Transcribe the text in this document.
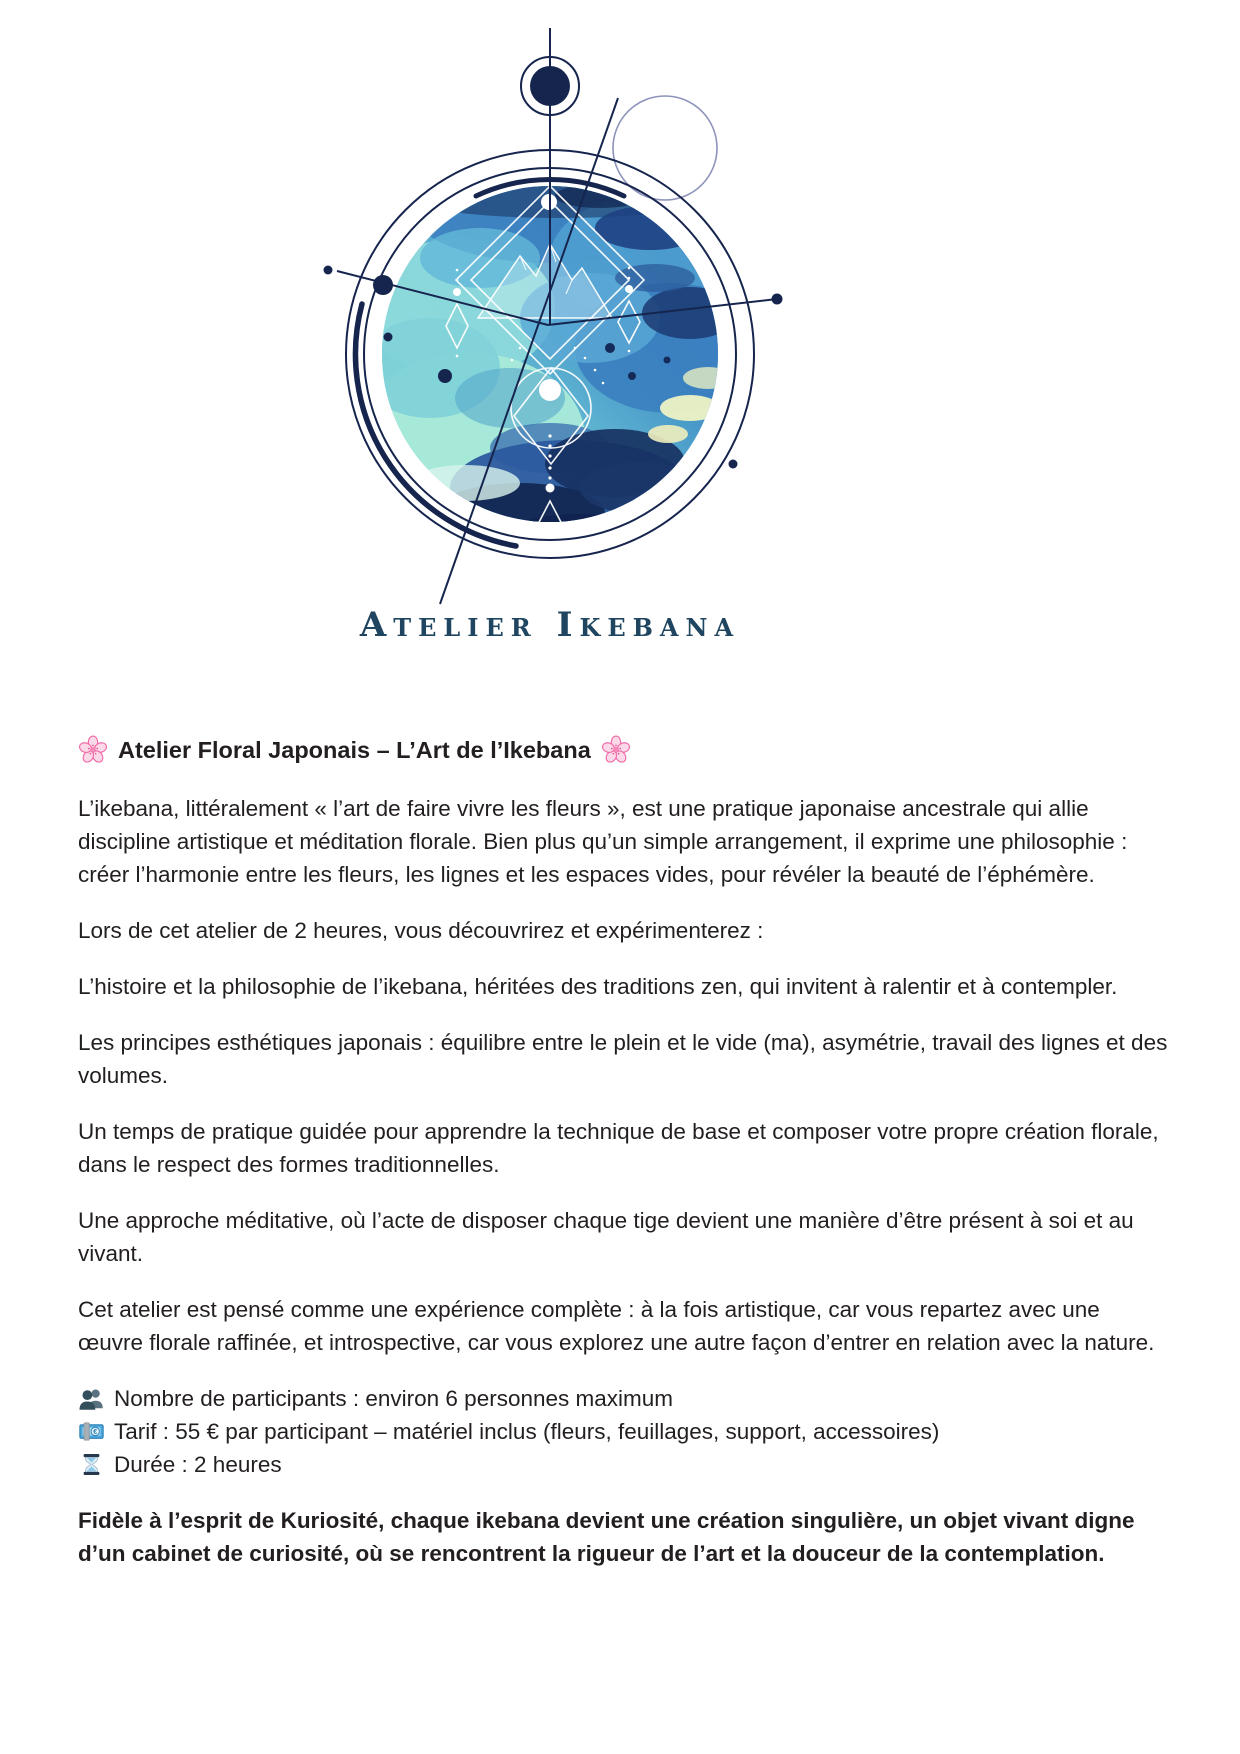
Atelier Ikebana
Atelier Floral Japonais – L’Art de l’Ikebana

L’ikebana, littéralement « l’art de faire vivre les fleurs », est une pratique japonaise ancestrale qui allie discipline artistique et méditation florale. Bien plus qu’un simple arrangement, il exprime une philosophie : créer l’harmonie entre les fleurs, les lignes et les espaces vides, pour révéler la beauté de l’éphémère.

Lors de cet atelier de 2 heures, vous découvrirez et expérimenterez :

L’histoire et la philosophie de l’ikebana, héritées des traditions zen, qui invitent à ralentir et à contempler.

Les principes esthétiques japonais : équilibre entre le plein et le vide (ma), asymétrie, travail des lignes et des volumes.

Un temps de pratique guidée pour apprendre la technique de base et composer votre propre création florale, dans le respect des formes traditionnelles.

Une approche méditative, où l’acte de disposer chaque tige devient une manière d’être présent à soi et au vivant.

Cet atelier est pensé comme une expérience complète : à la fois artistique, car vous repartez avec une œuvre florale raffinée, et introspective, car vous explorez une autre façon d’entrer en relation avec la nature.

Nombre de participants : environ 6 personnes maximum
€ Tarif : 55 € par participant – matériel inclus (fleurs, feuillages, support, accessoires)
Durée : 2 heures

Fidèle à l’esprit de Kuriosité, chaque ikebana devient une création singulière, un objet vivant digne d’un cabinet de curiosité, où se rencontrent la rigueur de l’art et la douceur de la contemplation.
